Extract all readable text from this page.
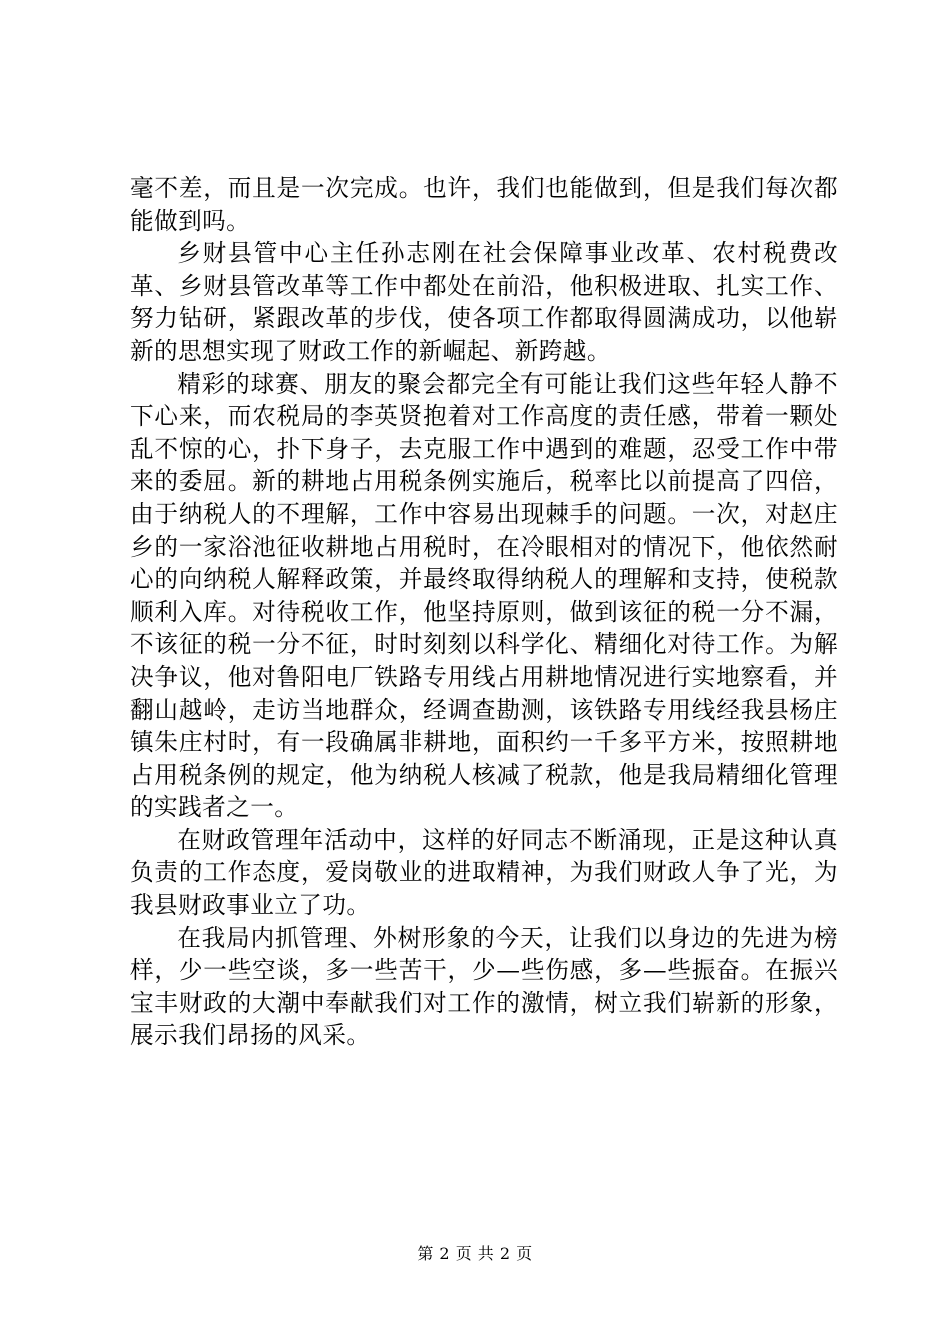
毫不差，而且是一次完成。也许，我们也能做到，但是我们每次都能做到吗。

乡财县管中心主任孙志刚在社会保障事业改革、农村税费改革、乡财县管改革等工作中都处在前沿，他积极进取、扎实工作、努力钻研，紧跟改革的步伐，使各项工作都取得圆满成功，以他崭新的思想实现了财政工作的新崛起、新跨越。

精彩的球赛、朋友的聚会都完全有可能让我们这些年轻人静不下心来，而农税局的李英贤抱着对工作高度的责任感，带着一颗处乱不惊的心，扑下身子，去克服工作中遇到的难题，忍受工作中带来的委屈。新的耕地占用税条例实施后，税率比以前提高了四倍，由于纳税人的不理解，工作中容易出现棘手的问题。一次，对赵庄乡的一家浴池征收耕地占用税时，在冷眼相对的情况下，他依然耐心的向纳税人解释政策，并最终取得纳税人的理解和支持，使税款顺利入库。对待税收工作，他坚持原则，做到该征的税一分不漏，不该征的税一分不征，时时刻刻以科学化、精细化对待工作。为解决争议，他对鲁阳电厂铁路专用线占用耕地情况进行实地察看，并翻山越岭，走访当地群众，经调查勘测，该铁路专用线经我县杨庄镇朱庄村时，有一段确属非耕地，面积约一千多平方米，按照耕地占用税条例的规定，他为纳税人核减了税款，他是我局精细化管理的实践者之一。

在财政管理年活动中，这样的好同志不断涌现，正是这种认真负责的工作态度，爱岗敬业的进取精神，为我们财政人争了光，为我县财政事业立了功。

在我局内抓管理、外树形象的今天，让我们以身边的先进为榜样，少一些空谈，多一些苦干，少—些伤感，多—些振奋。在振兴宝丰财政的大潮中奉献我们对工作的激情，树立我们崭新的形象，展示我们昂扬的风采。

第 2 页 共 2 页
